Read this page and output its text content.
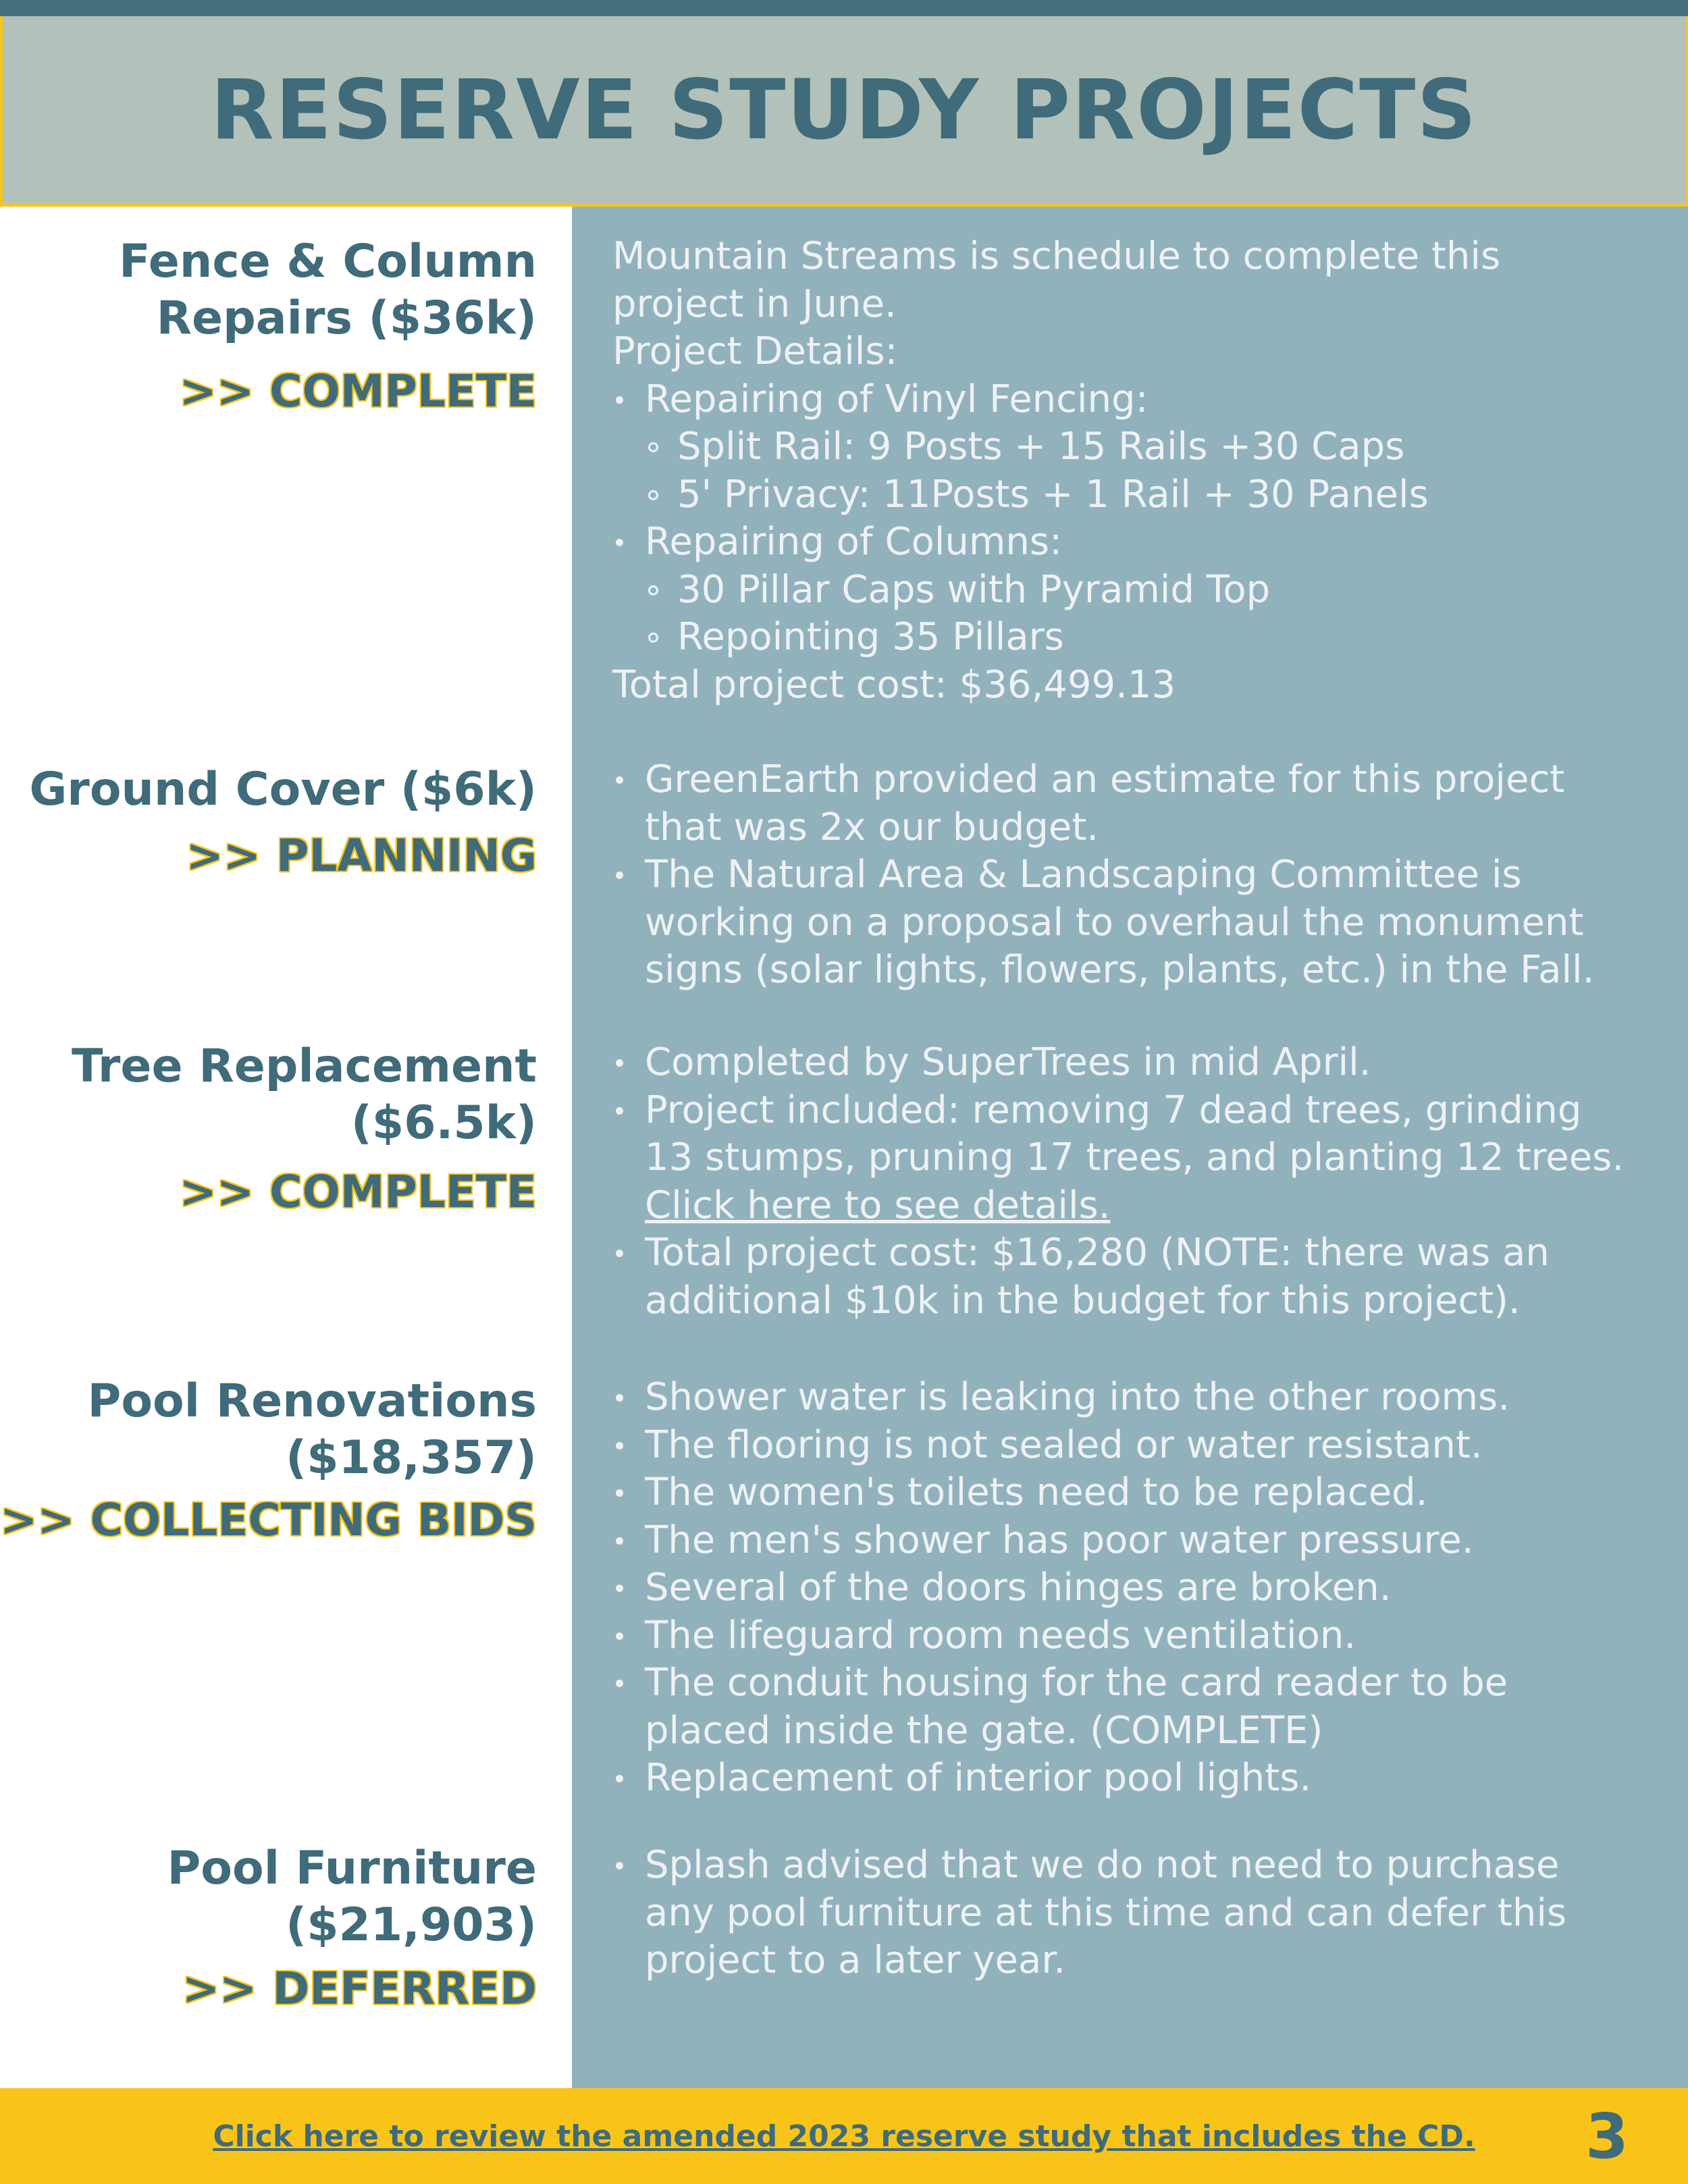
RESERVE STUDY PROJECTS
Fence & Column
Repairs ($36k)
>> COMPLETE
Ground Cover ($6k)
>> PLANNING
Tree Replacement
($6.5k)
>> COMPLETE
Pool Renovations
($18,357)
>> COLLECTING BIDS
Pool Furniture
($21,903)
>> DEFERRED
Mountain Streams is schedule to complete this
project in June.
Project Details:
Repairing of Vinyl Fencing:
Split Rail: 9 Posts + 15 Rails +30 Caps
5' Privacy: 11Posts + 1 Rail + 30 Panels
Repairing of Columns:
30 Pillar Caps with Pyramid Top
Repointing 35 Pillars
Total project cost: $36,499.13
GreenEarth provided an estimate for this project
that was 2x our budget.
The Natural Area & Landscaping Committee is
working on a proposal to overhaul the monument
signs (solar lights, flowers, plants, etc.) in the Fall.
Completed by SuperTrees in mid April.
Project included: removing 7 dead trees, grinding
13 stumps, pruning 17 trees, and planting 12 trees.
Click here to see details.
Total project cost: $16,280 (NOTE: there was an
additional $10k in the budget for this project).
Shower water is leaking into the other rooms.
The flooring is not sealed or water resistant.
The women's toilets need to be replaced.
The men's shower has poor water pressure.
Several of the doors hinges are broken.
The lifeguard room needs ventilation.
The conduit housing for the card reader to be
placed inside the gate. (COMPLETE)
Replacement of interior pool lights.
Splash advised that we do not need to purchase
any pool furniture at this time and can defer this
project to a later year.
Click here to review the amended 2023 reserve study that includes the CD.	3
